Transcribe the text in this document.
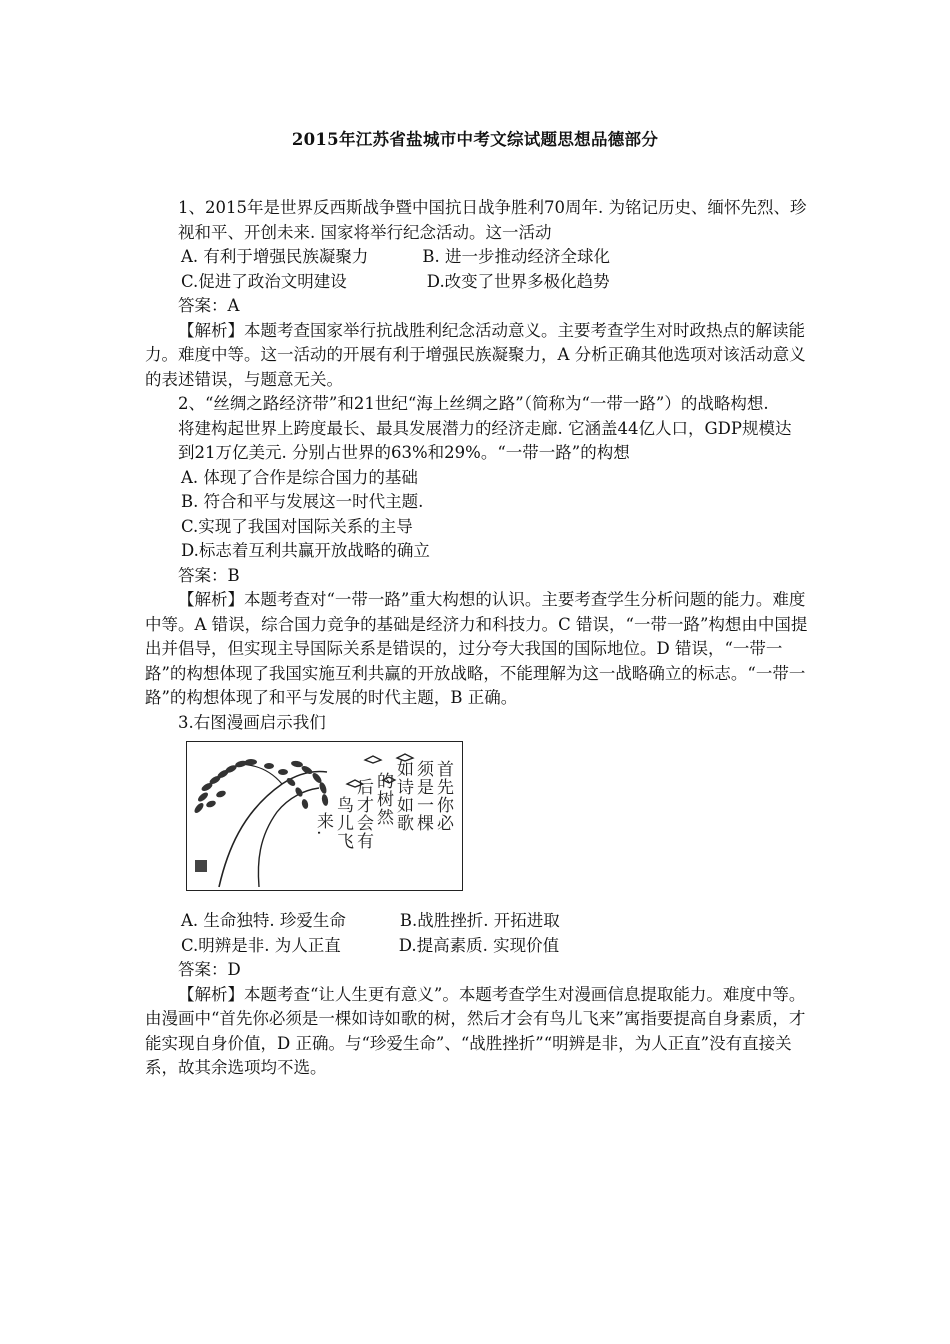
2015年江苏省盐城市中考文综试题思想品德部分

1、2015年是世界反西斯战争暨中国抗日战争胜利70周年. 为铭记历史、缅怀先烈、珍

视和平、开创未来. 国家将举行纪念活动。这一活动

A. 有利于增强民族凝聚力	B. 进一步推动经济全球化

C.促进了政治文明建设	D.改变了世界多极化趋势

答案：A

【解析】本题考查国家举行抗战胜利纪念活动意义。主要考查学生对时政热点的解读能力。难度中等。这一活动的开展有利于增强民族凝聚力，A 分析正确其他选项对该活动意义的表述错误，与题意无关。

2、“丝绸之路经济带”和21世纪“海上丝绸之路”（简称为“一带一路”）的战略构想.

将建构起世界上跨度最长、最具发展潜力的经济走廊. 它涵盖44亿人口，GDP规模达

到21万亿美元. 分别占世界的63%和29%。“一带一路”的构想

A. 体现了合作是综合国力的基础

B. 符合和平与发展这一时代主题.

C.实现了我国对国际关系的主导

D.标志着互利共赢开放战略的确立

答案：B

【解析】本题考查对“一带一路”重大构想的认识。主要考查学生分析问题的能力。难度中等。A 错误，综合国力竞争的基础是经济力和科技力。C 错误，“一带一路”构想由中国提出并倡导，但实现主导国际关系是错误的，过分夸大我国的国际地位。D 错误，“一带一路”的构想体现了我国实施互利共赢的开放战略，不能理解为这一战略确立的标志。“一带一路”的构想体现了和平与发展的时代主题，B 正确。

3.右图漫画启示我们

首先你必
须是一棵
如诗如歌
的树然
后才会有
鸟儿飞
来.

A. 生命独特. 珍爱生命	B.战胜挫折. 开拓进取

C.明辨是非. 为人正直	D.提高素质. 实现价值

答案：D

【解析】本题考查“让人生更有意义”。本题考查学生对漫画信息提取能力。难度中等。由漫画中“首先你必须是一棵如诗如歌的树，然后才会有鸟儿飞来”寓指要提高自身素质，才能实现自身价值，D 正确。与“珍爱生命”、“战胜挫折”“明辨是非，为人正直”没有直接关系，故其余选项均不选。
